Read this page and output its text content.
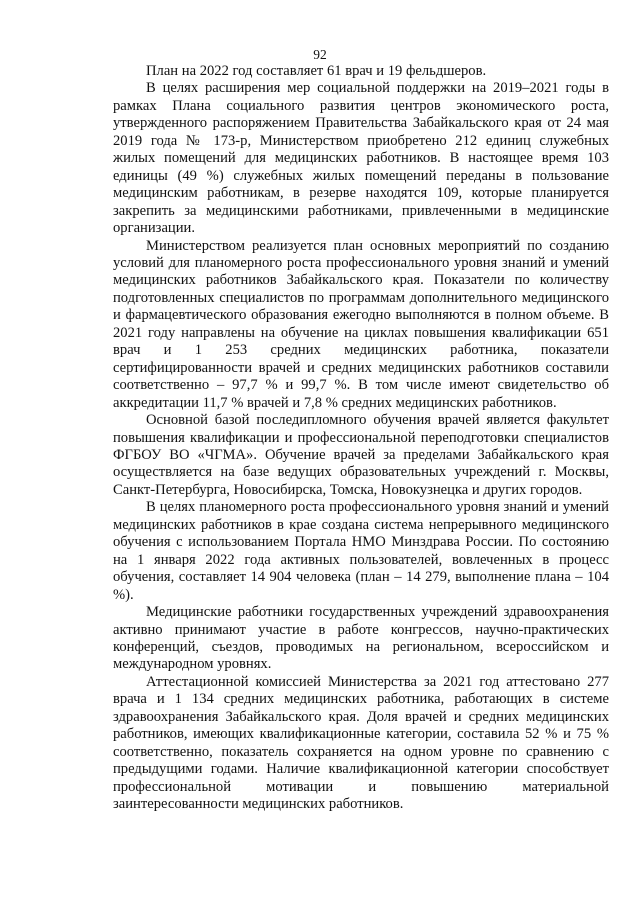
92

План на 2022 год составляет 61 врач и 19 фельдшеров.

В целях расширения мер социальной поддержки на 2019–2021 годы в рамках Плана социального развития центров экономического роста, утвержденного распоряжением Правительства Забайкальского края от 24 мая 2019 года № 173-р, Министерством приобретено 212 единиц служебных жилых помещений для медицинских работников. В настоящее время 103 единицы (49 %) служебных жилых помещений переданы в пользование медицинским работникам, в резерве находятся 109, которые планируется закрепить за медицинскими работниками, привлеченными в медицинские организации.

Министерством реализуется план основных мероприятий по созданию условий для планомерного роста профессионального уровня знаний и умений медицинских работников Забайкальского края. Показатели по количеству подготовленных специалистов по программам дополнительного медицинского и фармацевтического образования ежегодно выполняются в полном объеме. В 2021 году направлены на обучение на циклах повышения квалификации 651 врач и 1 253 средних медицинских работника, показатели сертифицированности врачей и средних медицинских работников составили соответственно – 97,7 % и 99,7 %. В том числе имеют свидетельство об аккредитации 11,7 % врачей и 7,8 % средних медицинских работников.

Основной базой последипломного обучения врачей является факультет повышения квалификации и профессиональной переподготовки специалистов ФГБОУ ВО «ЧГМА». Обучение врачей за пределами Забайкальского края осуществляется на базе ведущих образовательных учреждений г. Москвы, Санкт-Петербурга, Новосибирска, Томска, Новокузнецка и других городов.

В целях планомерного роста профессионального уровня знаний и умений медицинских работников в крае создана система непрерывного медицинского обучения с использованием Портала НМО Минздрава России. По состоянию на 1 января 2022 года активных пользователей, вовлеченных в процесс обучения, составляет 14 904 человека (план – 14 279, выполнение плана – 104 %).

Медицинские работники государственных учреждений здравоохранения активно принимают участие в работе конгрессов, научно-практических конференций, съездов, проводимых на региональном, всероссийском и международном уровнях.

Аттестационной комиссией Министерства за 2021 год аттестовано 277 врача и 1 134 средних медицинских работника, работающих в системе здравоохранения Забайкальского края. Доля врачей и средних медицинских работников, имеющих квалификационные категории, составила 52 % и 75 % соответственно, показатель сохраняется на одном уровне по сравнению с предыдущими годами. Наличие квалификационной категории способствует профессиональной мотивации и повышению материальной заинтересованности медицинских работников.
